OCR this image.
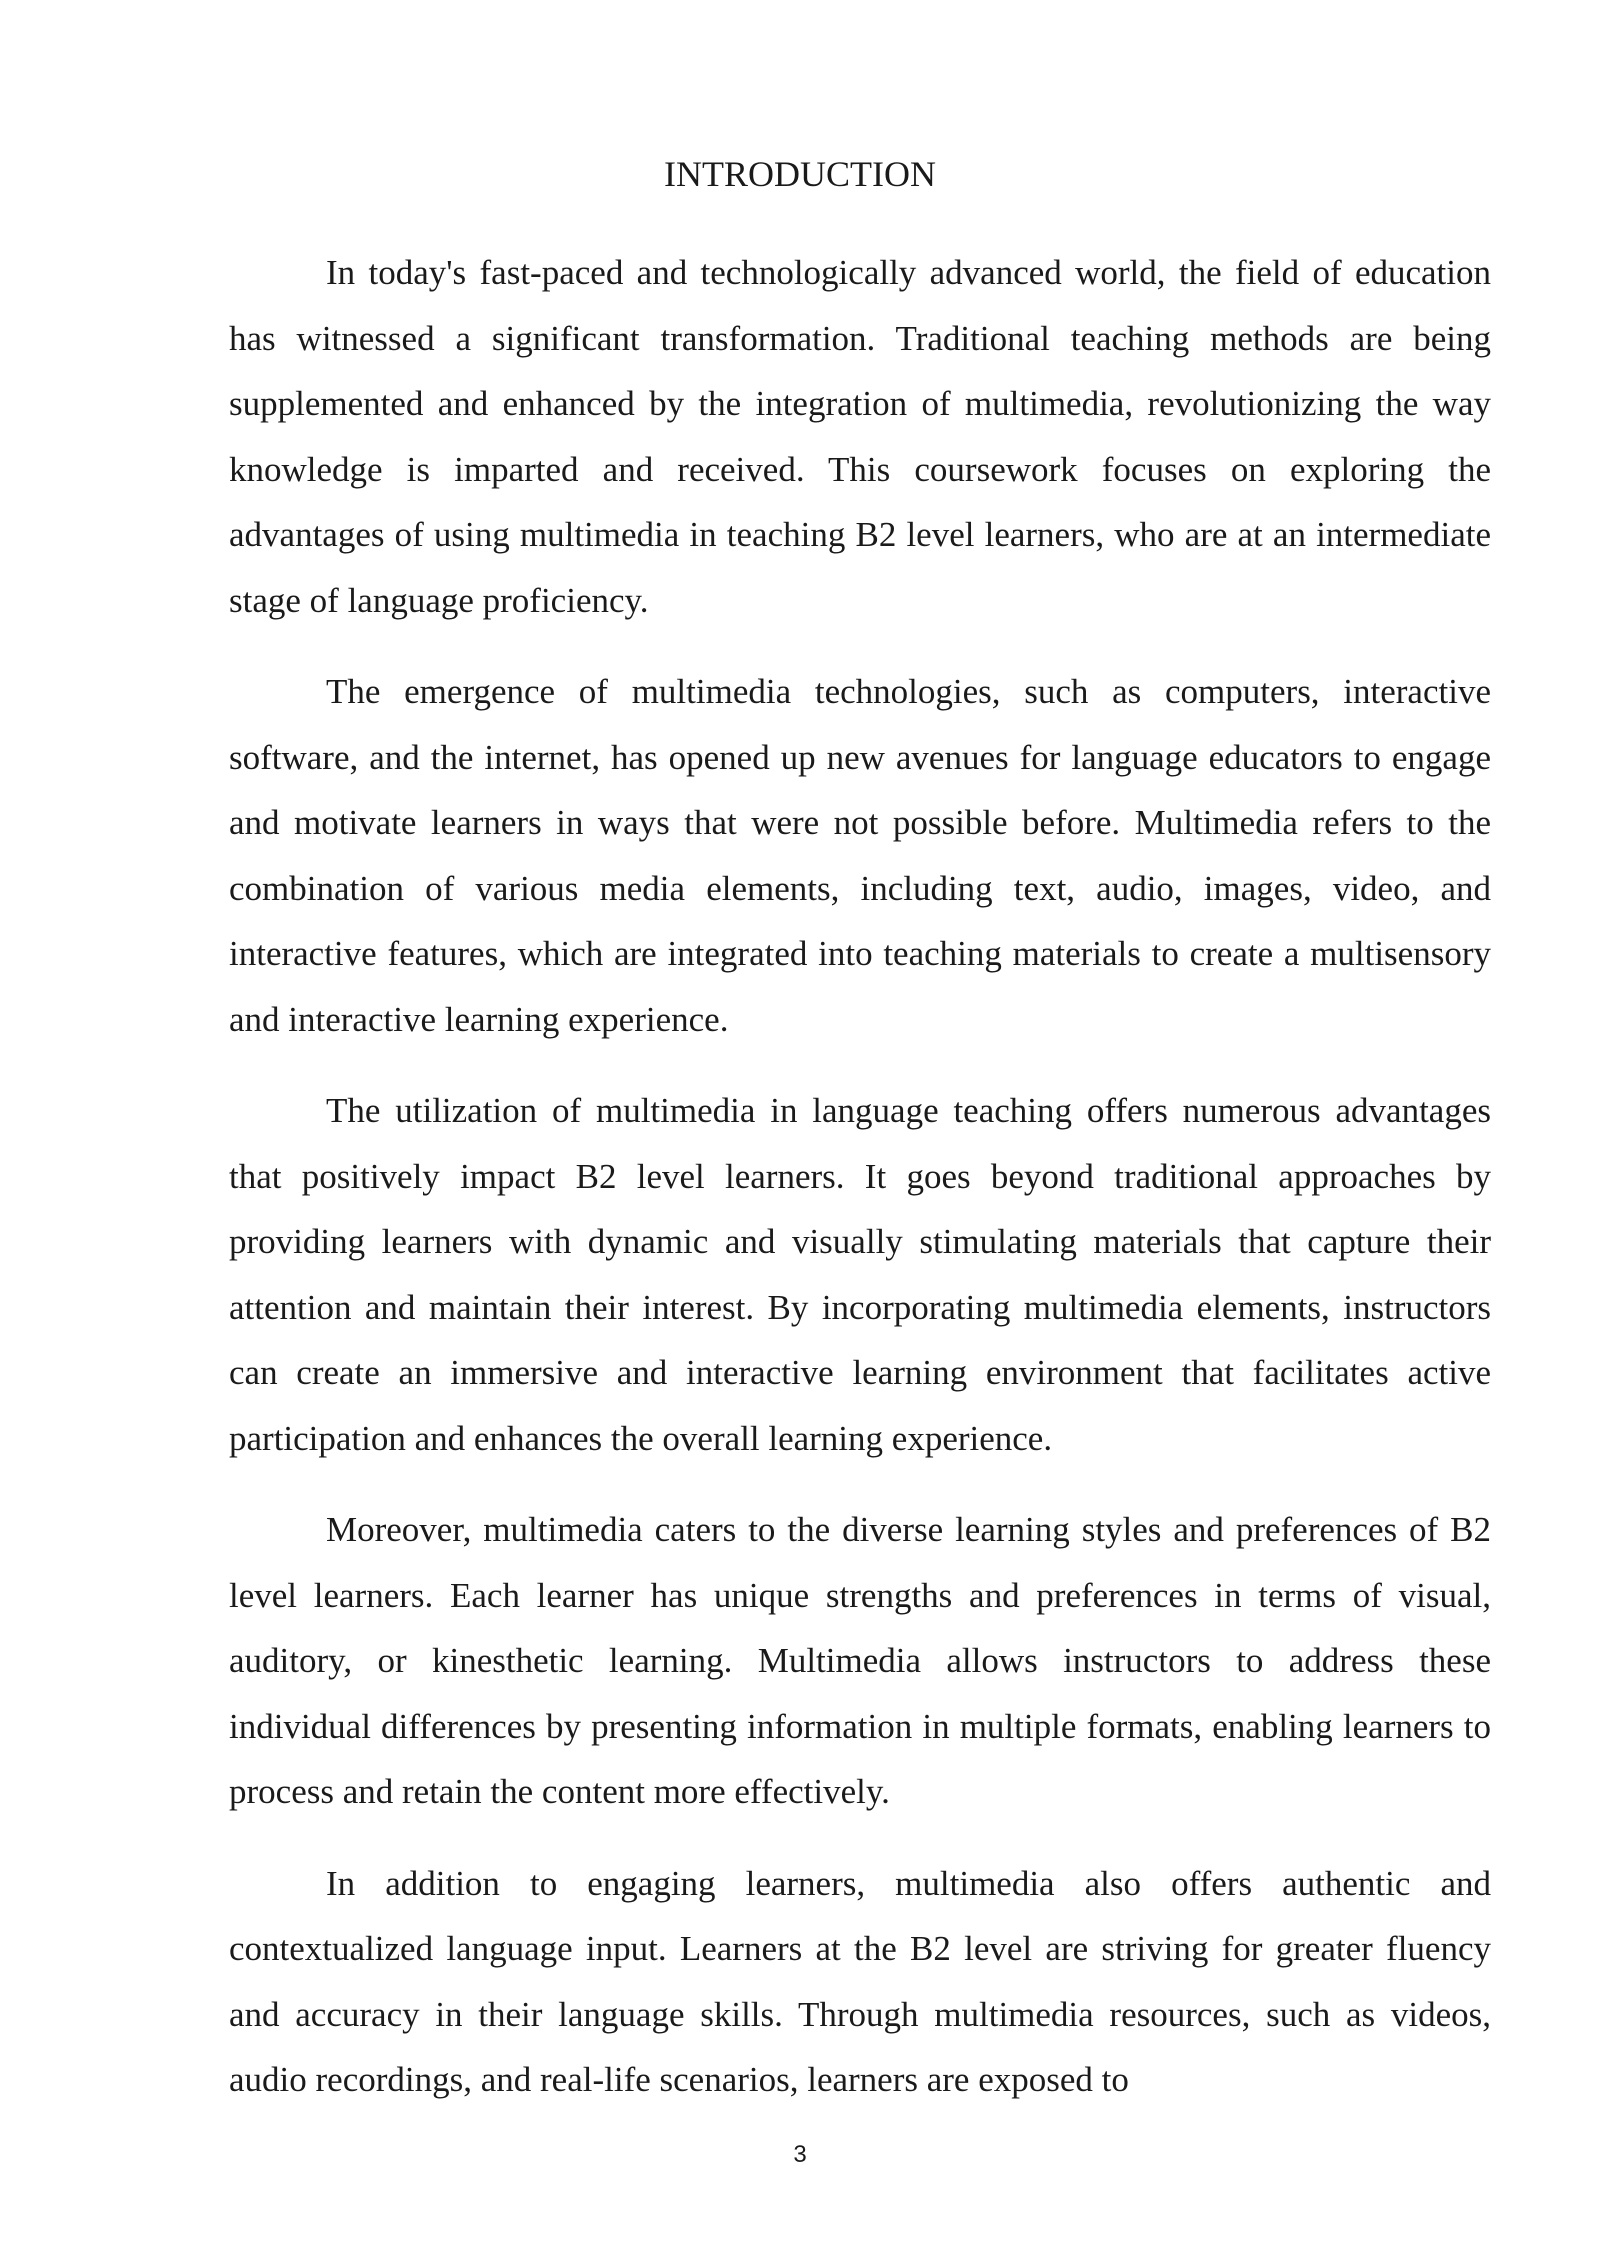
INTRODUCTION

In today's fast-paced and technologically advanced world, the field of education has witnessed a significant transformation. Traditional teaching methods are being supplemented and enhanced by the integration of multimedia, revolutionizing the way knowledge is imparted and received. This coursework focuses on exploring the advantages of using multimedia in teaching B2 level learners, who are at an intermediate stage of language proficiency.

The emergence of multimedia technologies, such as computers, interactive software, and the internet, has opened up new avenues for language educators to engage and motivate learners in ways that were not possible before. Multimedia refers to the combination of various media elements, including text, audio, images, video, and interactive features, which are integrated into teaching materials to create a multisensory and interactive learning experience.

The utilization of multimedia in language teaching offers numerous advantages that positively impact B2 level learners. It goes beyond traditional approaches by providing learners with dynamic and visually stimulating materials that capture their attention and maintain their interest. By incorporating multimedia elements, instructors can create an immersive and interactive learning environment that facilitates active participation and enhances the overall learning experience.

Moreover, multimedia caters to the diverse learning styles and preferences of B2 level learners. Each learner has unique strengths and preferences in terms of visual, auditory, or kinesthetic learning. Multimedia allows instructors to address these individual differences by presenting information in multiple formats, enabling learners to process and retain the content more effectively.

In addition to engaging learners, multimedia also offers authentic and contextualized language input. Learners at the B2 level are striving for greater fluency and accuracy in their language skills. Through multimedia resources, such as videos, audio recordings, and real-life scenarios, learners are exposed to

3
